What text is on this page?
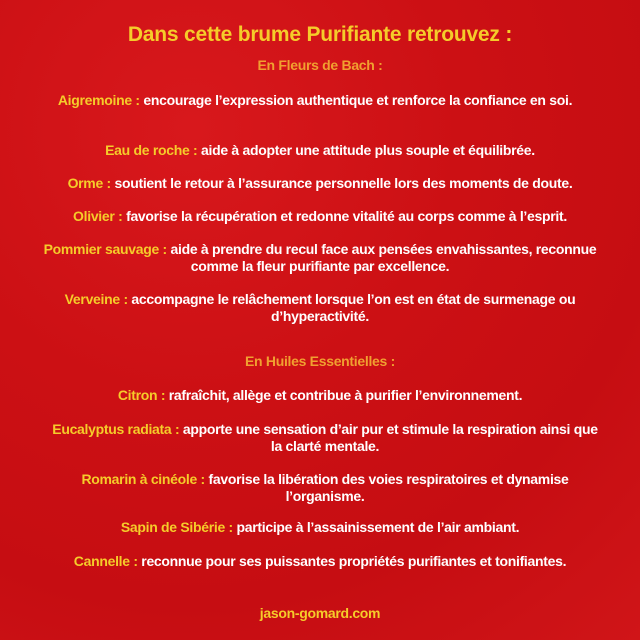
Dans cette brume Purifiante retrouvez :
En Fleurs de Bach :
Aigremoine : encourage l’expression authentique et renforce la confiance en soi.
Eau de roche : aide à adopter une attitude plus souple et équilibrée.
Orme : soutient le retour à l’assurance personnelle lors des moments de doute.
Olivier : favorise la récupération et redonne vitalité au corps comme à l’esprit.
Pommier sauvage : aide à prendre du recul face aux pensées envahissantes, reconnue comme la fleur purifiante par excellence.
Verveine : accompagne le relâchement lorsque l’on est en état de surmenage ou d’hyperactivité.
En Huiles Essentielles :
Citron : rafraîchit, allège et contribue à purifier l’environnement.
Eucalyptus radiata : apporte une sensation d’air pur et stimule la respiration ainsi que la clarté mentale.
Romarin à cinéole : favorise la libération des voies respiratoires et dynamise l’organisme.
Sapin de Sibérie : participe à l’assainissement de l’air ambiant.
Cannelle : reconnue pour ses puissantes propriétés purifiantes et tonifiantes.
jason-gomard.com
